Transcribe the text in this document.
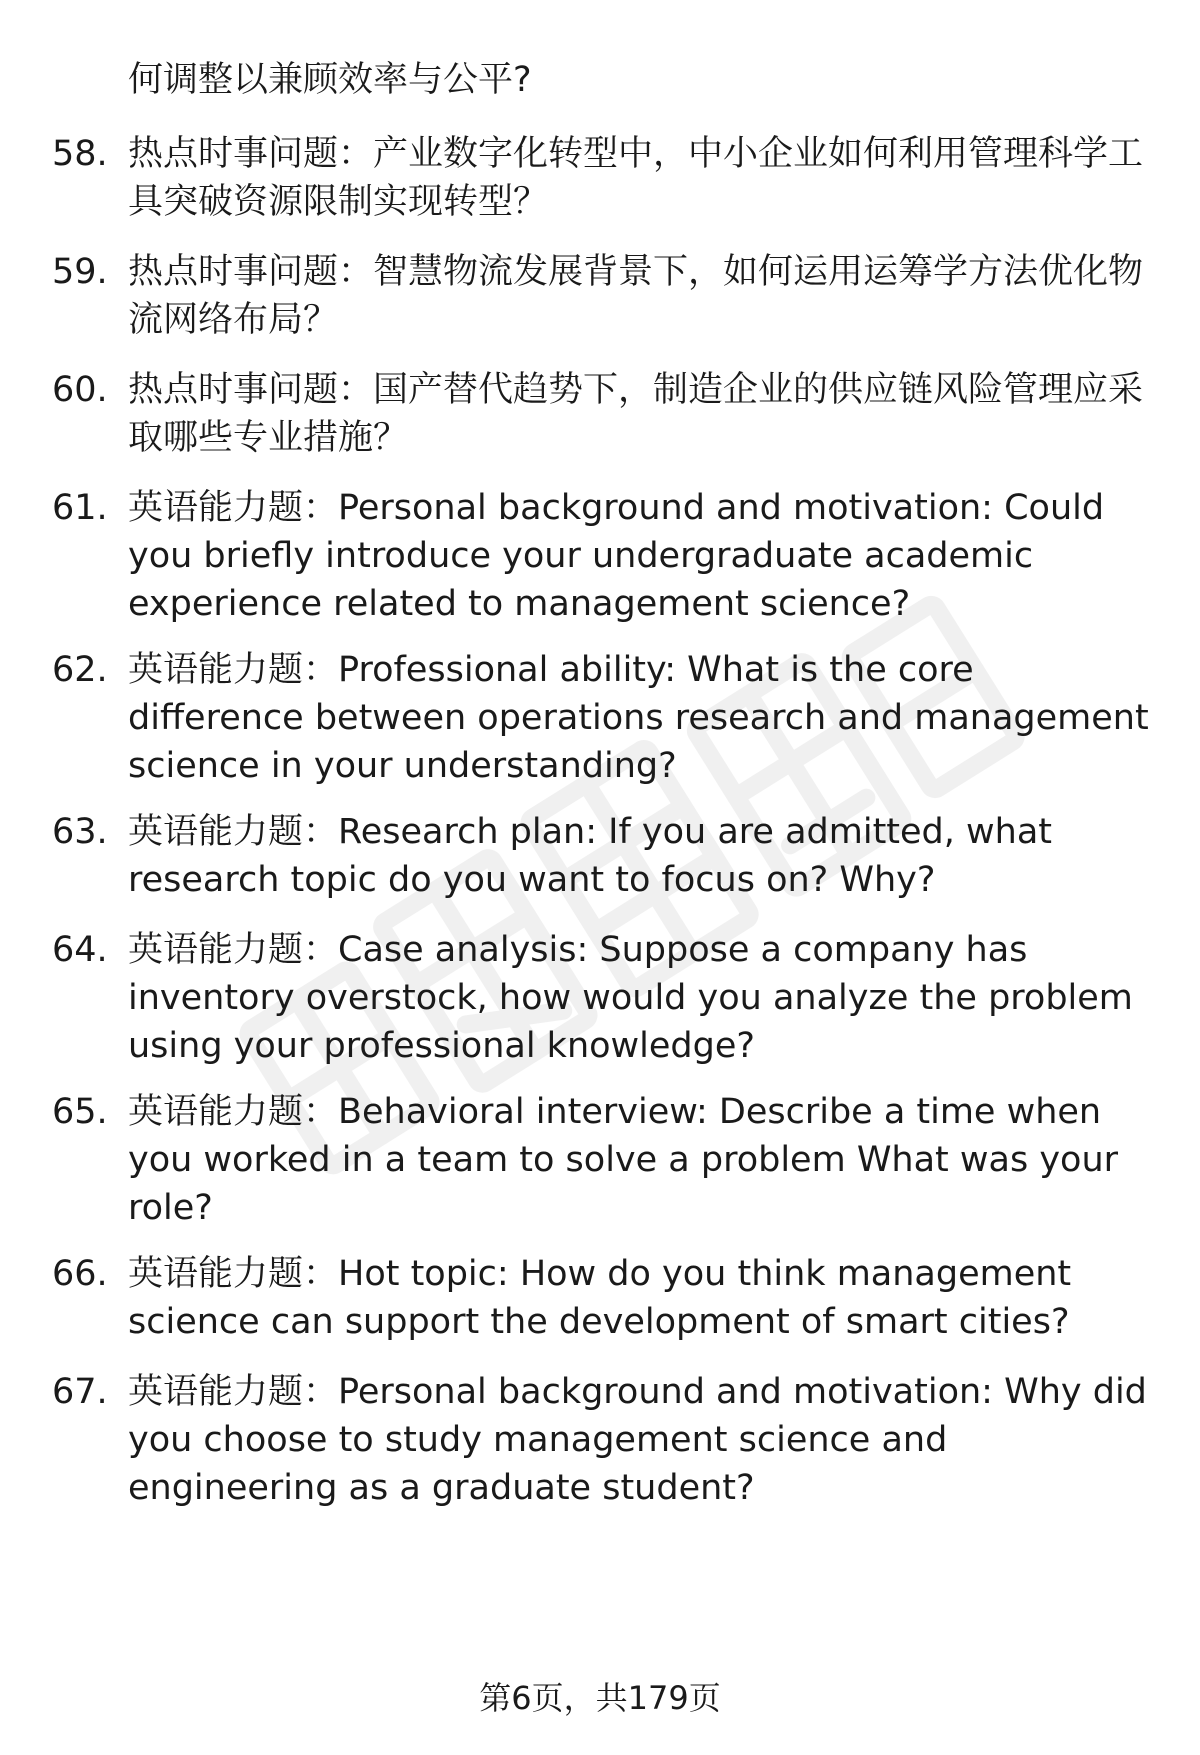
何调整以兼顾效率与公平?
58. 热点时事问题：产业数字化转型中，中小企业如何利用管理科学工具突破资源限制实现转型？
59. 热点时事问题：智慧物流发展背景下，如何运用运筹学方法优化物流网络布局？
60. 热点时事问题：国产替代趋势下，制造企业的供应链风险管理应采取哪些专业措施？
61. 英语能力题：Personal background and motivation: Could you briefly introduce your undergraduate academic experience related to management science?
62. 英语能力题：Professional ability: What is the core difference between operations research and management science in your understanding?
63. 英语能力题：Research plan: If you are admitted, what research topic do you want to focus on? Why?
64. 英语能力题：Case analysis: Suppose a company has inventory overstock, how would you analyze the problem using your professional knowledge?
65. 英语能力题：Behavioral interview: Describe a time when you worked in a team to solve a problem What was your role?
66. 英语能力题：Hot topic: How do you think management science can support the development of smart cities?
67. 英语能力题：Personal background and motivation: Why did you choose to study management science and engineering as a graduate student?
第6页，共179页
